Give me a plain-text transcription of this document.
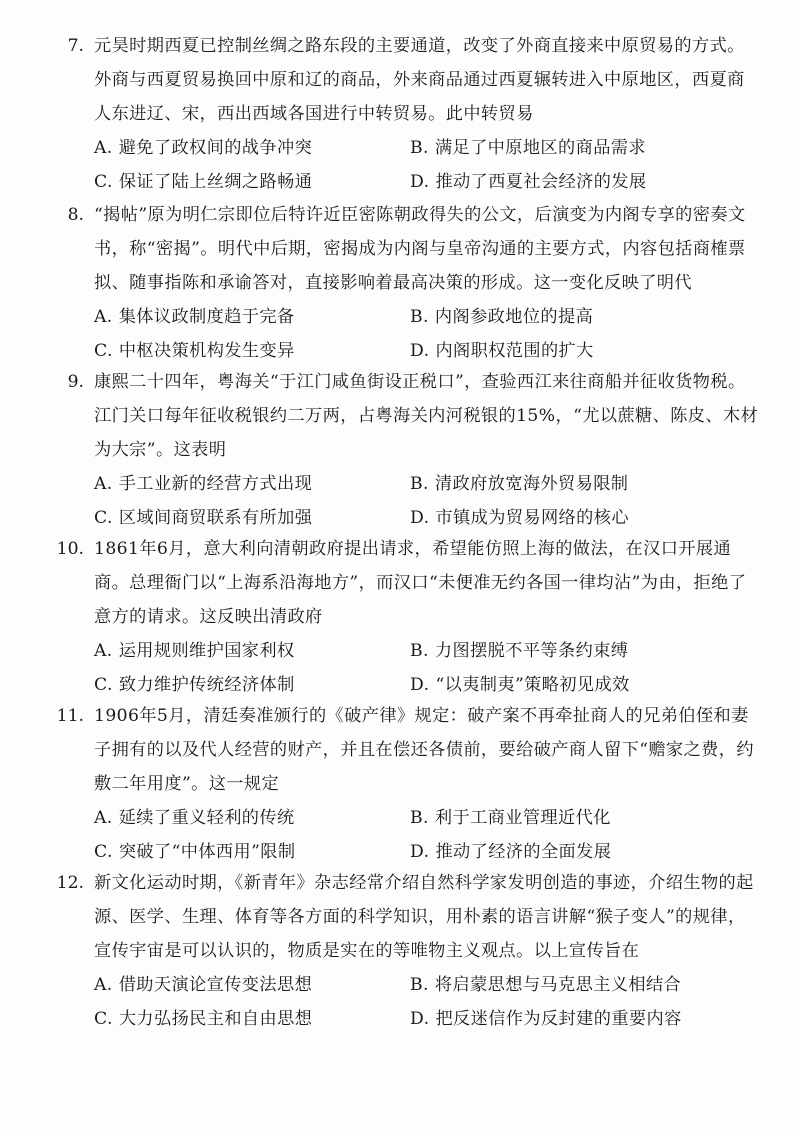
7. 元昊时期西夏已控制丝绸之路东段的主要通道，改变了外商直接来中原贸易的方式。外商与西夏贸易换回中原和辽的商品，外来商品通过西夏辗转进入中原地区，西夏商人东进辽、宋，西出西域各国进行中转贸易。此中转贸易

A. 避免了政权间的战争冲突	B. 满足了中原地区的商品需求
C. 保证了陆上丝绸之路畅通	D. 推动了西夏社会经济的发展
8. “揭帖”原为明仁宗即位后特许近臣密陈朝政得失的公文，后演变为内阁专享的密奏文书，称“密揭”。明代中后期，密揭成为内阁与皇帝沟通的主要方式，内容包括商榷票拟、随事指陈和承谕答对，直接影响着最高决策的形成。这一变化反映了明代

A. 集体议政制度趋于完备	B. 内阁参政地位的提高
C. 中枢决策机构发生变异	D. 内阁职权范围的扩大
9. 康熙二十四年，粤海关“于江门咸鱼街设正税口”，查验西江来往商船并征收货物税。江门关口每年征收税银约二万两，占粤海关内河税银的15%，“尤以蔗糖、陈皮、木材为大宗”。这表明

A. 手工业新的经营方式出现	B. 清政府放宽海外贸易限制
C. 区域间商贸联系有所加强	D. 市镇成为贸易网络的核心
10. 1861年6月，意大利向清朝政府提出请求，希望能仿照上海的做法，在汉口开展通商。总理衙门以“上海系沿海地方”，而汉口“未便准无约各国一律均沾”为由，拒绝了意方的请求。这反映出清政府

A. 运用规则维护国家利权	B. 力图摆脱不平等条约束缚
C. 致力维护传统经济体制	D. “以夷制夷”策略初见成效
11. 1906年5月，清廷奏准颁行的《破产律》规定：破产案不再牵扯商人的兄弟伯侄和妻子拥有的以及代人经营的财产，并且在偿还各债前，要给破产商人留下“赡家之费，约敷二年用度”。这一规定

A. 延续了重义轻利的传统	B. 利于工商业管理近代化
C. 突破了“中体西用”限制	D. 推动了经济的全面发展
12. 新文化运动时期，《新青年》杂志经常介绍自然科学家发明创造的事迹，介绍生物的起源、医学、生理、体育等各方面的科学知识，用朴素的语言讲解“猴子变人”的规律，宣传宇宙是可以认识的，物质是实在的等唯物主义观点。以上宣传旨在

A. 借助天演论宣传变法思想	B. 将启蒙思想与马克思主义相结合
C. 大力弘扬民主和自由思想	D. 把反迷信作为反封建的重要内容
